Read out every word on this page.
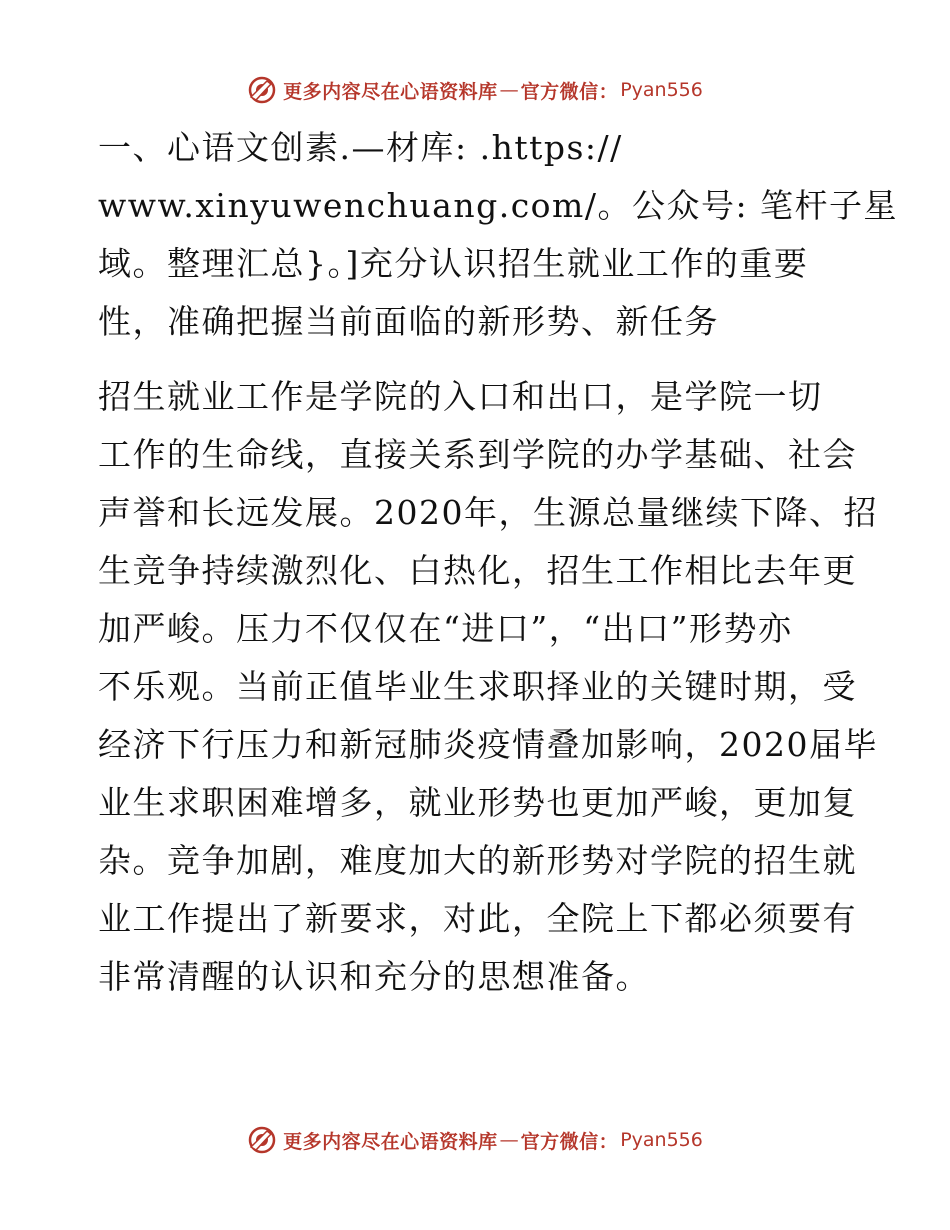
更多内容尽在心语资料库 — 官方微信： Pyan556
一、心语文创素.—材库: .https://
www.xinyuwenchuang.com/。公众号: 笔杆子星
域。整理汇总}。]充分认识招生就业工作的重要
性，准确把握当前面临的新形势、新任务
招生就业工作是学院的入口和出口，是学院一切
工作的生命线，直接关系到学院的办学基础、社会
声誉和长远发展。2020年，生源总量继续下降、招
生竞争持续激烈化、白热化，招生工作相比去年更
加严峻。压力不仅仅在“进口”，“出口”形势亦
不乐观。当前正值毕业生求职择业的关键时期，受
经济下行压力和新冠肺炎疫情叠加影响，2020届毕
业生求职困难增多，就业形势也更加严峻，更加复
杂。竞争加剧，难度加大的新形势对学院的招生就
业工作提出了新要求，对此，全院上下都必须要有
非常清醒的认识和充分的思想准备。
更多内容尽在心语资料库 — 官方微信： Pyan556
